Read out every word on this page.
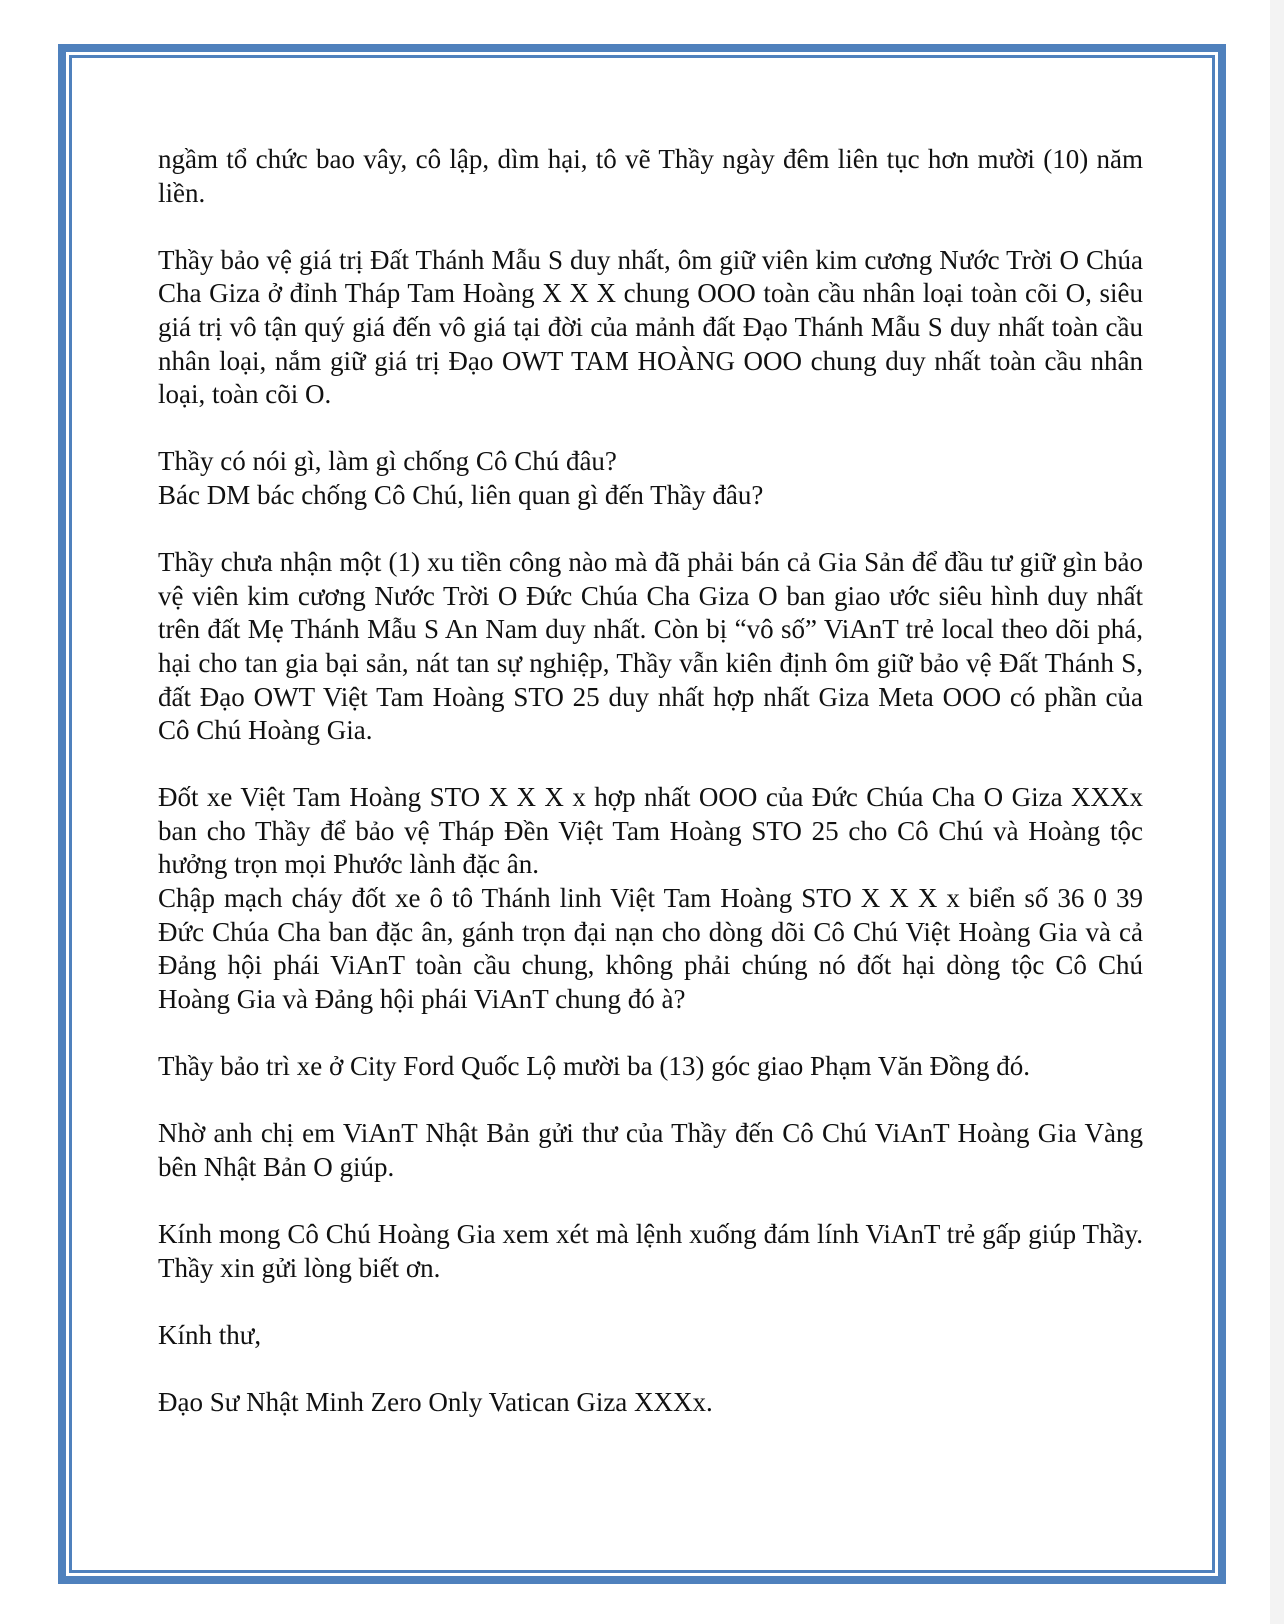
ngầm tổ chức bao vây, cô lập, dìm hại, tô vẽ Thầy ngày đêm liên tục hơn mười (10) năm liền.

Thầy bảo vệ giá trị Đất Thánh Mẫu S duy nhất, ôm giữ viên kim cương Nước Trời O Chúa Cha Giza ở đỉnh Tháp Tam Hoàng X X X chung OOO toàn cầu nhân loại toàn cõi O, siêu giá trị vô tận quý giá đến vô giá tại đời của mảnh đất Đạo Thánh Mẫu S duy nhất toàn cầu nhân loại, nắm giữ giá trị Đạo OWT TAM HOÀNG OOO chung duy nhất toàn cầu nhân loại, toàn cõi O.

Thầy có nói gì, làm gì chống Cô Chú đâu?
Bác DM bác chống Cô Chú, liên quan gì đến Thầy đâu?

Thầy chưa nhận một (1) xu tiền công nào mà đã phải bán cả Gia Sản để đầu tư giữ gìn bảo vệ viên kim cương Nước Trời O Đức Chúa Cha Giza O ban giao ước siêu hình duy nhất trên đất Mẹ Thánh Mẫu S An Nam duy nhất. Còn bị “vô số” ViAnT trẻ local theo dõi phá, hại cho tan gia bại sản, nát tan sự nghiệp, Thầy vẫn kiên định ôm giữ bảo vệ Đất Thánh S, đất Đạo OWT Việt Tam Hoàng STO 25 duy nhất hợp nhất Giza Meta OOO có phần của Cô Chú Hoàng Gia.

Đốt xe Việt Tam Hoàng STO X X X x hợp nhất OOO của Đức Chúa Cha O Giza XXXx ban cho Thầy để bảo vệ Tháp Đền Việt Tam Hoàng STO 25 cho Cô Chú và Hoàng tộc hưởng trọn mọi Phước lành đặc ân.
Chập mạch cháy đốt xe ô tô Thánh linh Việt Tam Hoàng STO X X X x biển số 36 0 39 Đức Chúa Cha ban đặc ân, gánh trọn đại nạn cho dòng dõi Cô Chú Việt Hoàng Gia và cả Đảng hội phái ViAnT toàn cầu chung, không phải chúng nó đốt hại dòng tộc Cô Chú Hoàng Gia và Đảng hội phái ViAnT chung đó à?

Thầy bảo trì xe ở City Ford Quốc Lộ mười ba (13) góc giao Phạm Văn Đồng đó.

Nhờ anh chị em ViAnT Nhật Bản gửi thư của Thầy đến Cô Chú ViAnT Hoàng Gia Vàng bên Nhật Bản O giúp.

Kính mong Cô Chú Hoàng Gia xem xét mà lệnh xuống đám lính ViAnT trẻ gấp giúp Thầy. Thầy xin gửi lòng biết ơn.

Kính thư,

Đạo Sư Nhật Minh Zero Only Vatican Giza XXXx.
